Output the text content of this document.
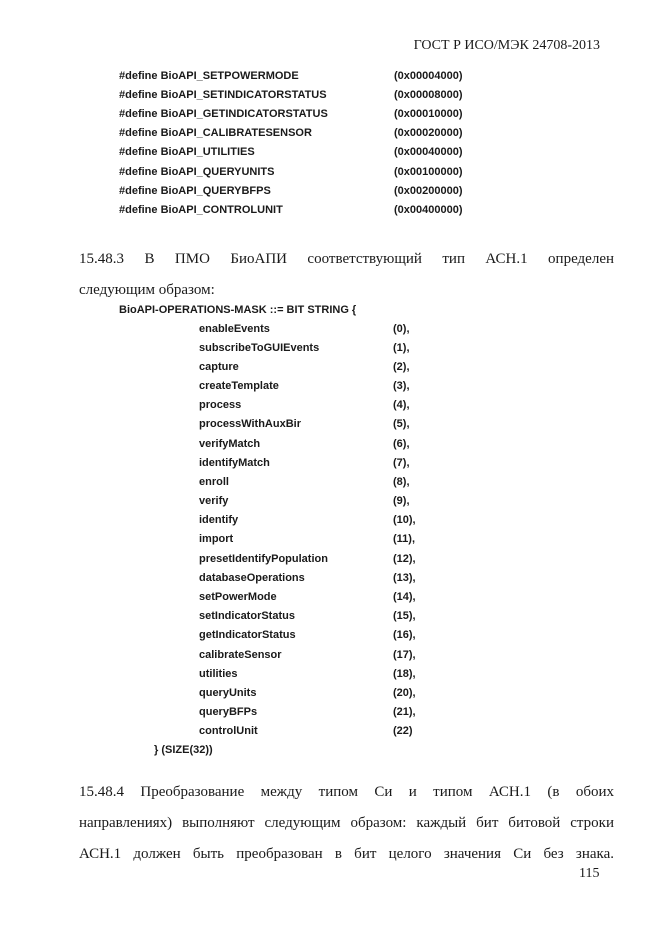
ГОСТ Р ИСО/МЭК 24708-2013
#define BioAPI_SETPOWERMODE	(0x00004000)
#define BioAPI_SETINDICATORSTATUS	(0x00008000)
#define BioAPI_GETINDICATORSTATUS	(0x00010000)
#define BioAPI_CALIBRATESENSOR	(0x00020000)
#define BioAPI_UTILITIES	(0x00040000)
#define BioAPI_QUERYUNITS	(0x00100000)
#define BioAPI_QUERYBFPS	(0x00200000)
#define BioAPI_CONTROLUNIT	(0x00400000)
15.48.3 В ПМО БиоАПИ соответствующий тип АСН.1 определен
следующим образом:
BioAPI-OPERATIONS-MASK ::= BIT STRING {
enableEvents	(0),
subscribeToGUIEvents	(1),
capture	(2),
createTemplate	(3),
process	(4),
processWithAuxBir	(5),
verifyMatch	(6),
identifyMatch	(7),
enroll	(8),
verify	(9),
identify	(10),
import	(11),
presetIdentifyPopulation	(12),
databaseOperations	(13),
setPowerMode	(14),
setIndicatorStatus	(15),
getIndicatorStatus	(16),
calibrateSensor	(17),
utilities	(18),
queryUnits	(20),
queryBFPs	(21),
controlUnit	(22)
} (SIZE(32))
15.48.4 Преобразование между типом Си и типом АСН.1 (в обоих
направлениях) выполняют следующим образом: каждый бит битовой строки
АСН.1 должен быть преобразован в бит целого значения Си без знака.
115
